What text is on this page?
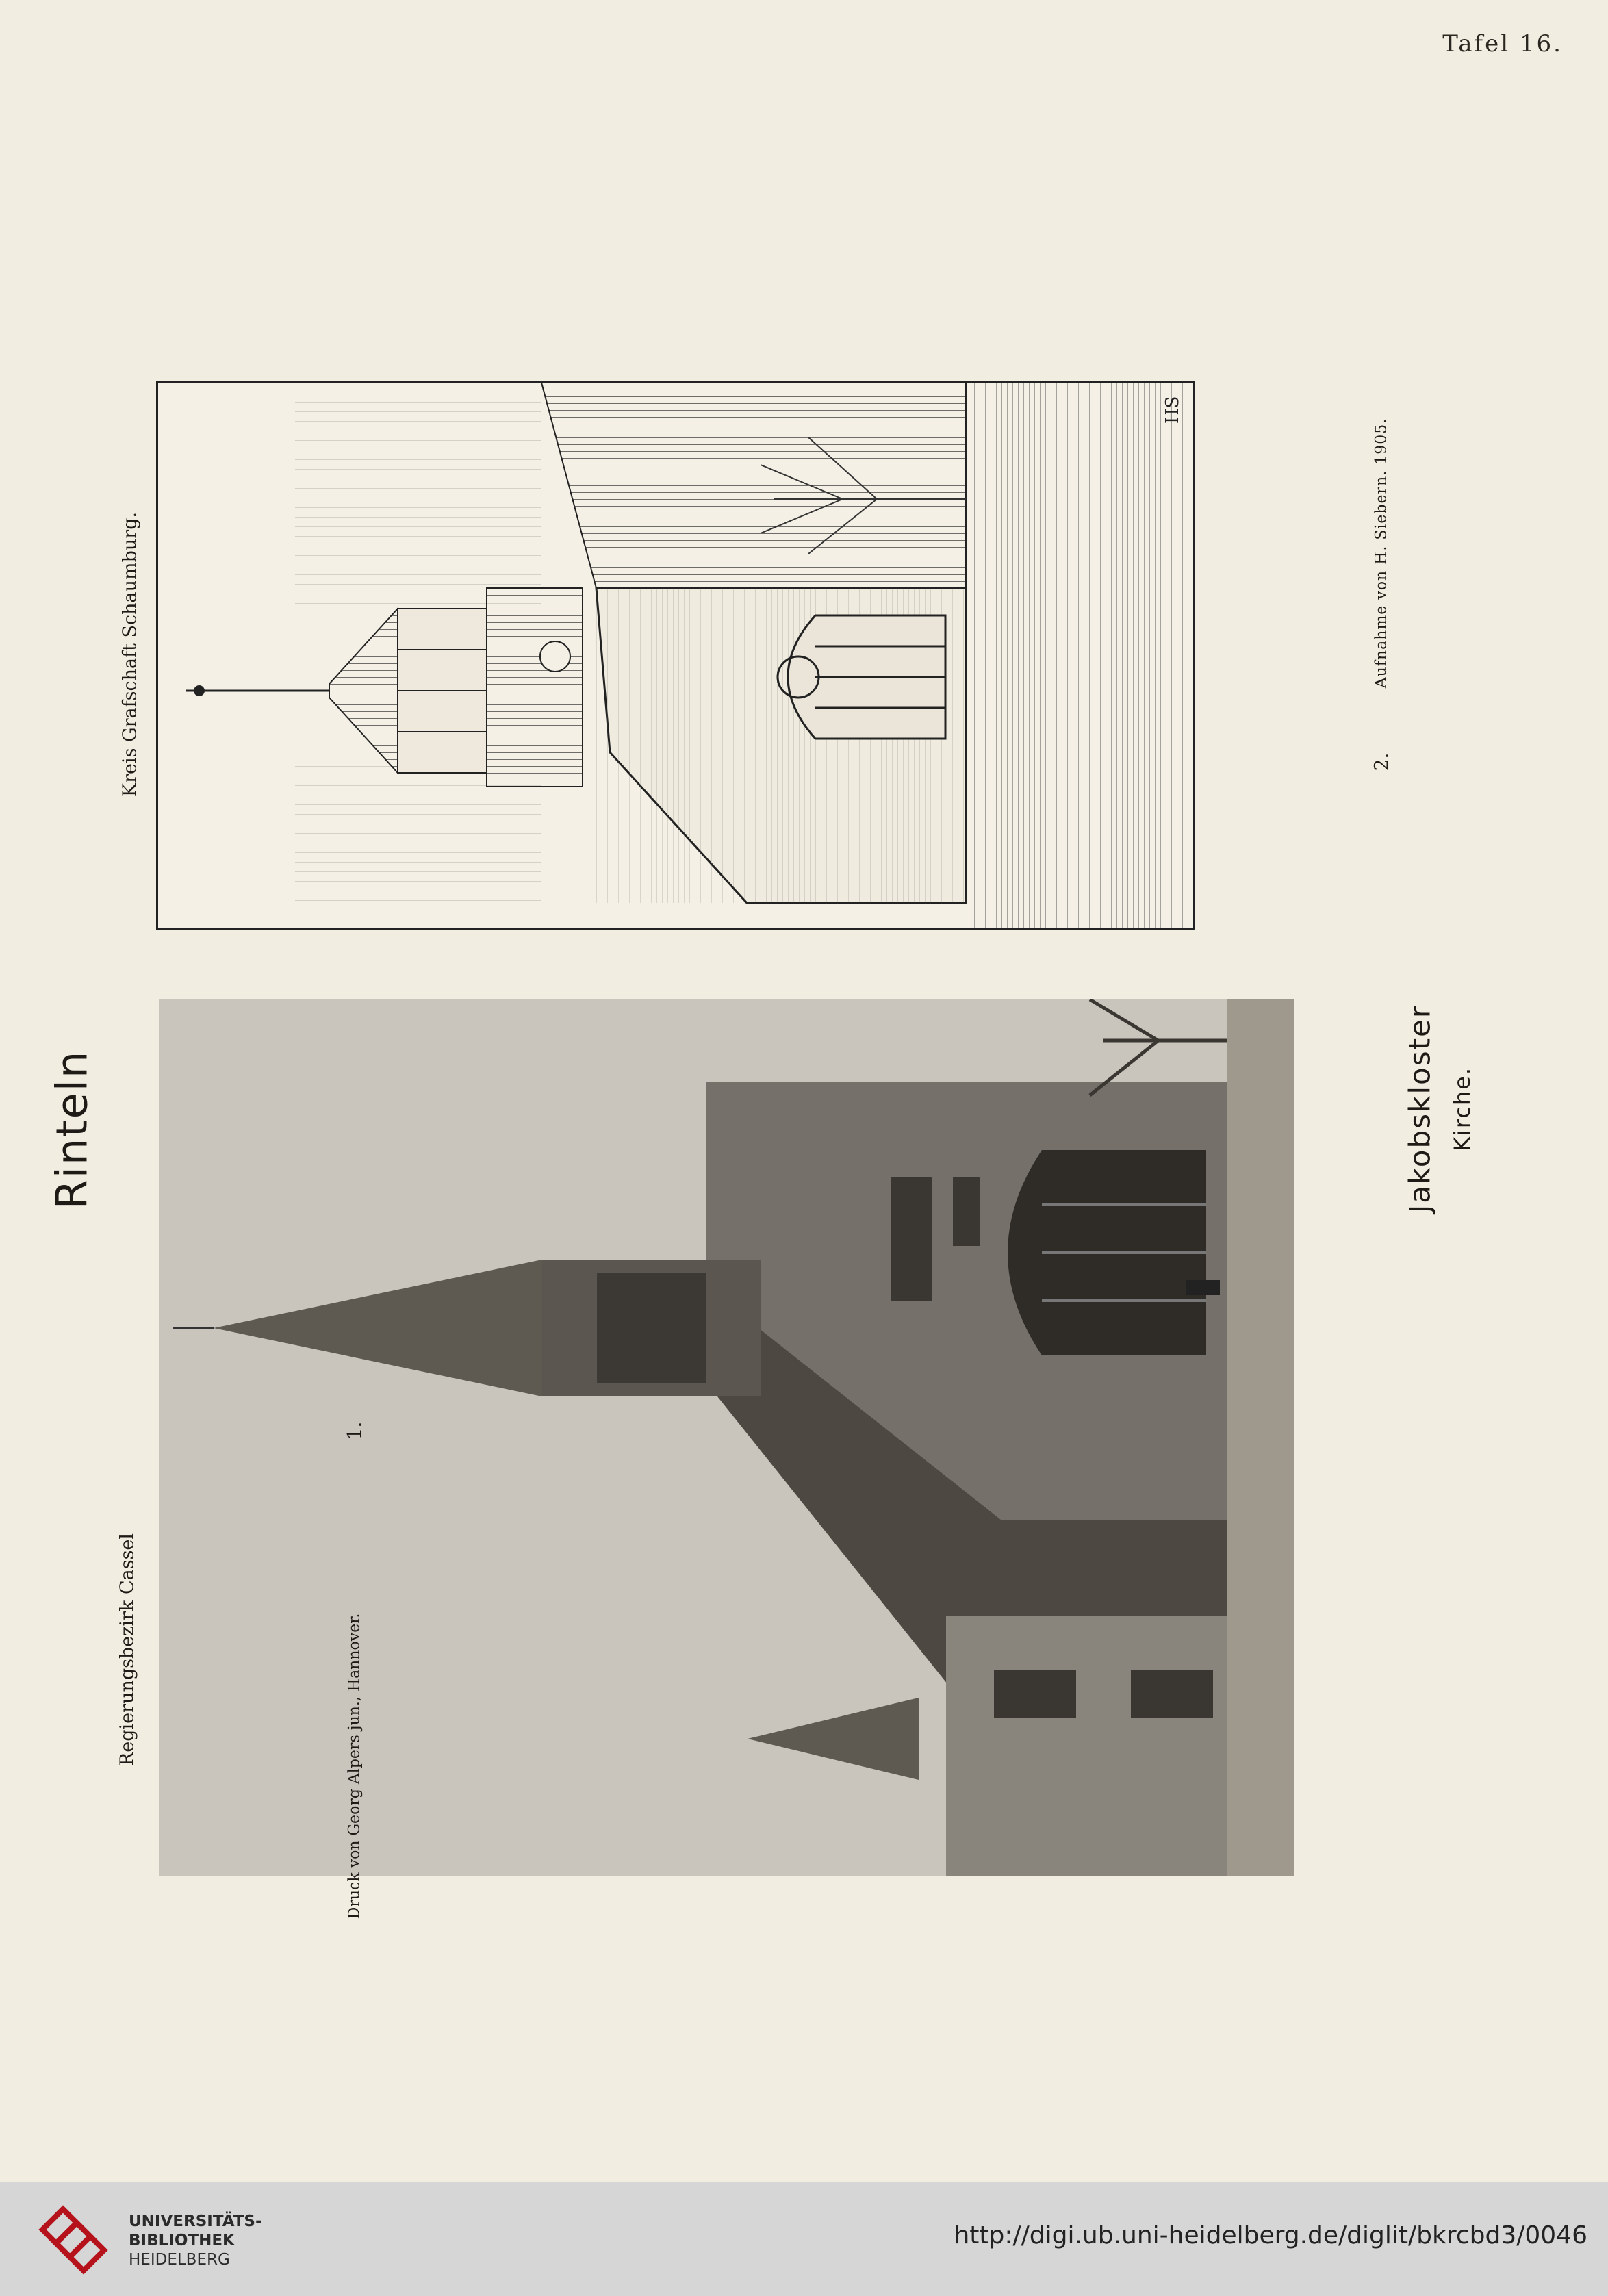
Tafel 16.
HS
Kreis Grafschaft Schaumburg.	2.
Aufnahme von H. Siebern. 1905.
Rinteln
Regierungsbezirk Cassel	Druck von Georg Alpers jun., Hannover.
1.
Jakobskloster Kirche.
UNIVERSITÄTS-
BIBLIOTHEK
HEIDELBERG
http://digi.ub.uni-heidelberg.de/diglit/bkrcbd3/0046
